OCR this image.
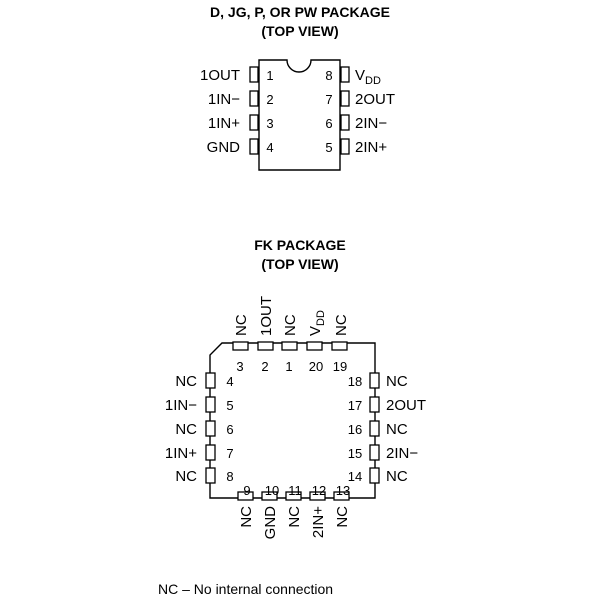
D, JG, P, OR PW PACKAGE
(TOP VIEW)
1
1OUT
2
1IN−
3
1IN+
4
GND
8 $V_{DD}$
7 2OUT
6 2IN−
5 2IN+
FK PACKAGE
(TOP VIEW)
3
NC
2
1OUT
1
NC
20
$V_{DD}$
19
NC
4
NC
5
1IN−
6
NC
7
1IN+
8
NC
18 NC
17 2OUT
16 NC
15 2IN−
14 NC
9
NC
10
GND
11
NC
12
2IN+
13
NC
NC – No internal connection
